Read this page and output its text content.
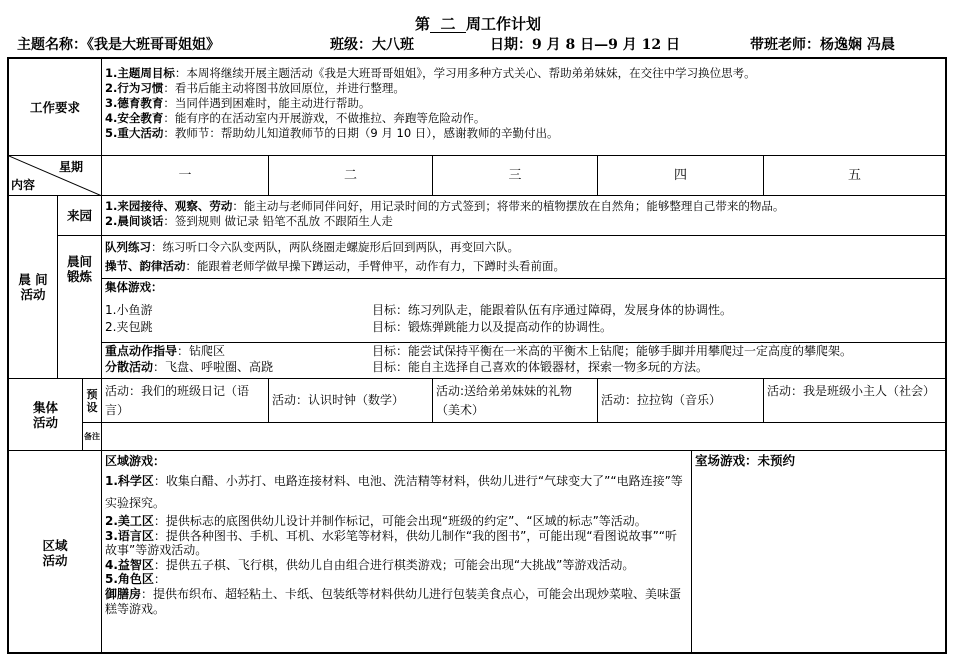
第 二 周工作计划
主题名称：《我是大班哥哥姐姐》	班级：大八班	日期：9 月 8 日—9 月 12 日	带班老师：杨逸娴 冯晨
工作要求
1.主题周目标：本周将继续开展主题活动《我是大班哥哥姐姐》，学习用多种方式关心、帮助弟弟妹妹，在交往中学习换位思考。
2.行为习惯：看书后能主动将图书放回原位，并进行整理。
3.德育教育：当同伴遇到困难时，能主动进行帮助。
4.安全教育：能有序的在活动室内开展游戏，不做推拉、奔跑等危险动作。
5.重大活动：教师节：帮助幼儿知道教师节的日期（9 月 10 日），感谢教师的辛勤付出。
星期
内容
一	二	三	四	五
晨 间
活动
来园
1.来园接待、观察、劳动：能主动与老师同伴问好，用记录时间的方式签到；将带来的植物摆放在自然角；能够整理自己带来的物品。
2.晨间谈话：签到规则 做记录 铅笔不乱放 不跟陌生人走
晨间
锻炼
队列练习：练习听口令六队变两队，两队绕圈走螺旋形后回到两队，再变回六队。
操节、韵律活动：能跟着老师学做早操下蹲运动，手臂伸平，动作有力，下蹲时头看前面。
集体游戏：
1.小鱼游	目标：练习列队走，能跟着队伍有序通过障碍，发展身体的协调性。
2.夹包跳	目标：锻炼弹跳能力以及提高动作的协调性。
重点动作指导：钻爬区	目标：能尝试保持平衡在一米高的平衡木上钻爬；能够手脚并用攀爬过一定高度的攀爬架。
分散活动：飞盘、呼啦圈、高跷	目标：能自主选择自己喜欢的体锻器材，探索一物多玩的方法。
集体
活动
预设
活动：我们的班级日记（语言）
活动：认识时钟（数学）
活动:送给弟弟妹妹的礼物（美术）
活动：拉拉钩（音乐）
活动：我是班级小主人（社会）
备注
区域
活动
区域游戏：
1.科学区：收集白醋、小苏打、电路连接材料、电池、洗洁精等材料，供幼儿进行“气球变大了”“电路连接”等实验探究。
2.美工区：提供标志的底图供幼儿设计并制作标记，可能会出现“班级的约定”、“区域的标志”等活动。
3.语言区：提供各种图书、手机、耳机、水彩笔等材料，供幼儿制作“我的图书”，可能出现“看图说故事”“听故事”等游戏活动。
4.益智区：提供五子棋、飞行棋，供幼儿自由组合进行棋类游戏；可能会出现“大挑战”等游戏活动。
5.角色区：
御膳房：提供布织布、超轻粘土、卡纸、包装纸等材料供幼儿进行包装美食点心，可能会出现炒菜啦、美味蛋糕等游戏。
室场游戏：未预约
